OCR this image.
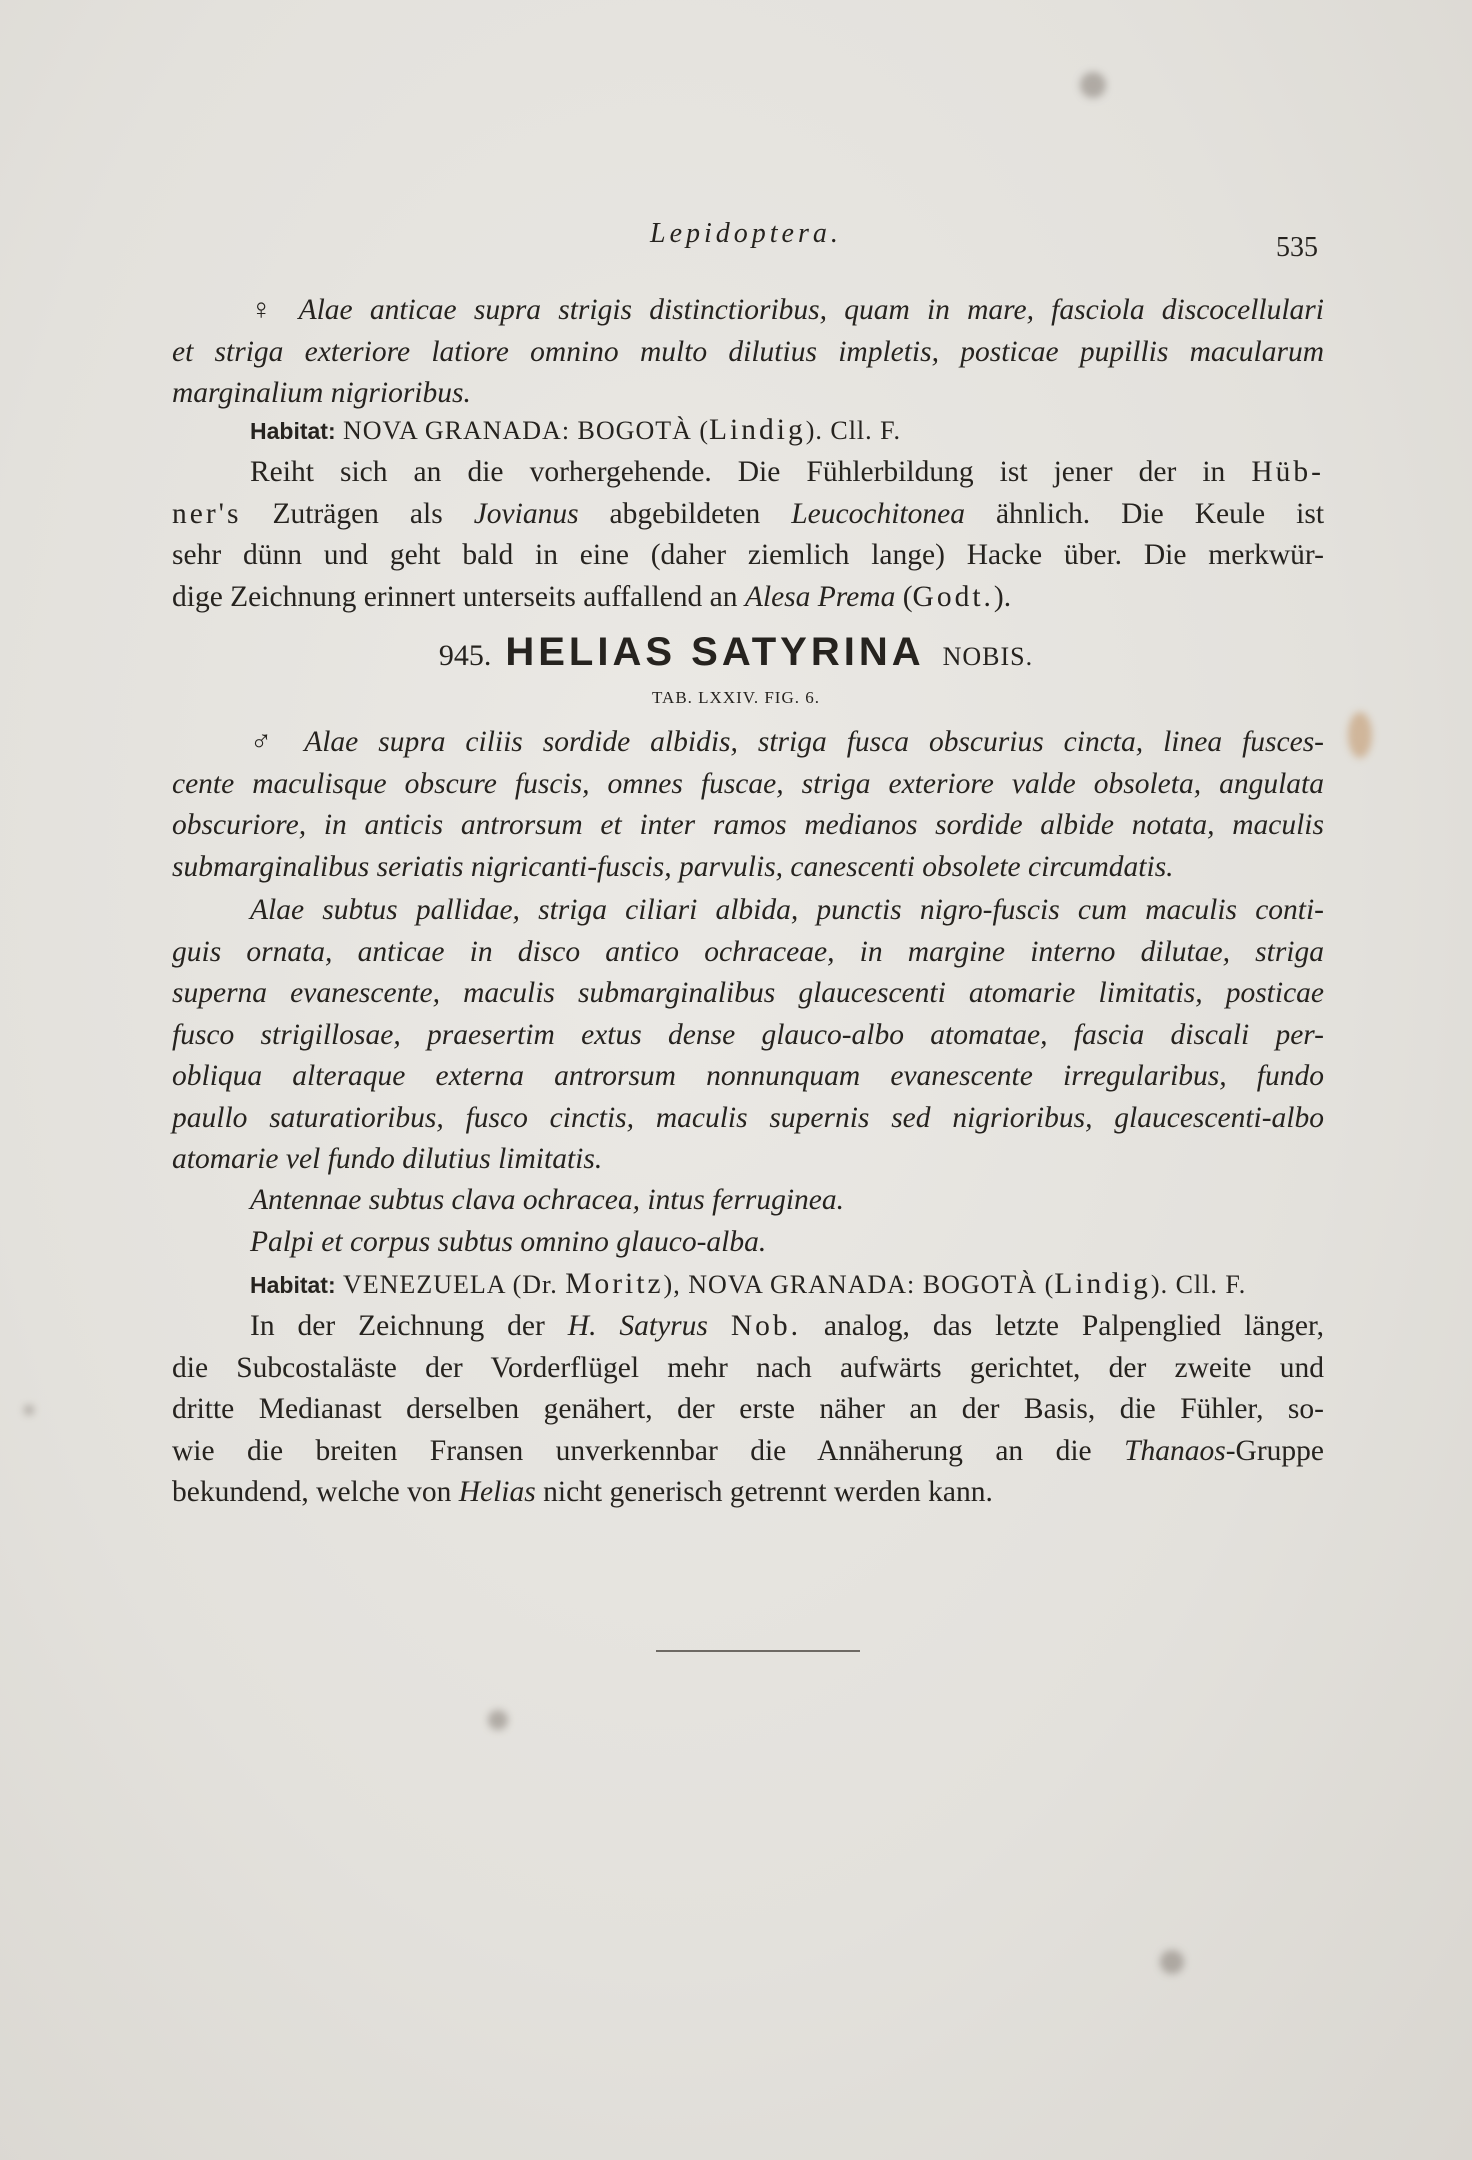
Lepidoptera.	535
♀ Alae anticae supra strigis distinctioribus, quam in mare, fasciola discocellulari
et striga exteriore latiore omnino multo dilutius impletis, posticae pupillis macularum
marginalium nigrioribus.
Habitat: NOVA GRANADA: BOGOTÀ (Lindig). Cll. F.
Reiht sich an die vorhergehende. Die Fühlerbildung ist jener der in Hüb-
ner's Zuträgen als Jovianus abgebildeten Leucochitonea ähnlich. Die Keule ist
sehr dünn und geht bald in eine (daher ziemlich lange) Hacke über. Die merkwür-
dige Zeichnung erinnert unterseits auffallend an Alesa Prema (Godt.).
945. HELIAS SATYRINA NOBIS.
TAB. LXXIV. FIG. 6.
♂ Alae supra ciliis sordide albidis, striga fusca obscurius cincta, linea fusces-
cente maculisque obscure fuscis, omnes fuscae, striga exteriore valde obsoleta, angulata
obscuriore, in anticis antrorsum et inter ramos medianos sordide albide notata, maculis
submarginalibus seriatis nigricanti-fuscis, parvulis, canescenti obsolete circumdatis.
Alae subtus pallidae, striga ciliari albida, punctis nigro-fuscis cum maculis conti-
guis ornata, anticae in disco antico ochraceae, in margine interno dilutae, striga
superna evanescente, maculis submarginalibus glaucescenti atomarie limitatis, posticae
fusco strigillosae, praesertim extus dense glauco-albo atomatae, fascia discali per-
obliqua alteraque externa antrorsum nonnunquam evanescente irregularibus, fundo
paullo saturatioribus, fusco cinctis, maculis supernis sed nigrioribus, glaucescenti-albo
atomarie vel fundo dilutius limitatis.
Antennae subtus clava ochracea, intus ferruginea.
Palpi et corpus subtus omnino glauco-alba.
Habitat: VENEZUELA (Dr. Moritz), NOVA GRANADA: BOGOTÀ (Lindig). Cll. F.
In der Zeichnung der H. Satyrus Nob. analog, das letzte Palpenglied länger,
die Subcostaläste der Vorderflügel mehr nach aufwärts gerichtet, der zweite und
dritte Medianast derselben genähert, der erste näher an der Basis, die Fühler, so-
wie die breiten Fransen unverkennbar die Annäherung an die Thanaos-Gruppe
bekundend, welche von Helias nicht generisch getrennt werden kann.
